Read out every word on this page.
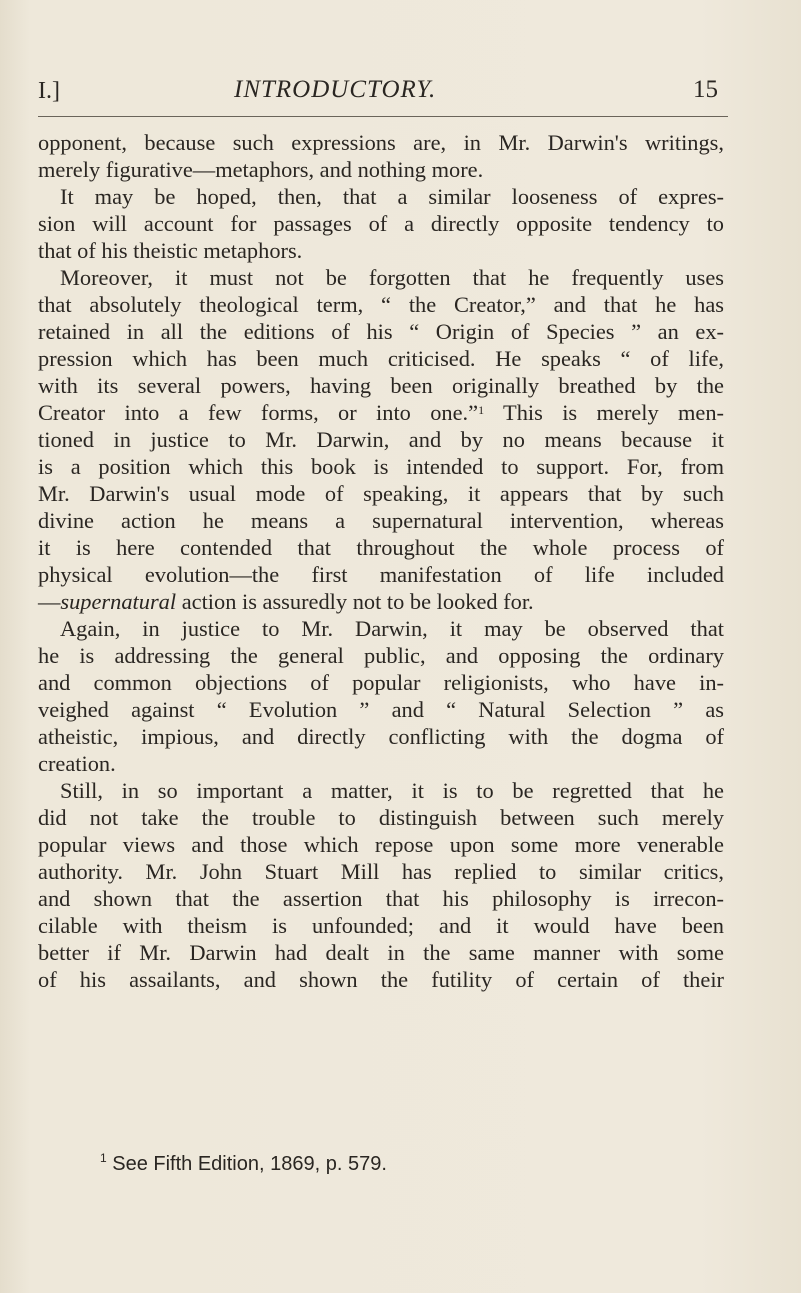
I.]	INTRODUCTORY.	15
opponent, because such expressions are, in Mr. Darwin's writings,
merely figurative—metaphors, and nothing more.
It may be hoped, then, that a similar looseness of expres-
sion will account for passages of a directly opposite tendency to
that of his theistic metaphors.
Moreover, it must not be forgotten that he frequently uses
that absolutely theological term, “ the Creator,” and that he has
retained in all the editions of his “ Origin of Species ” an ex-
pression which has been much criticised. He speaks “ of life,
with its several powers, having been originally breathed by the
Creator into a few forms, or into one.”$^1$ This is merely men-
tioned in justice to Mr. Darwin, and by no means because it
is a position which this book is intended to support. For, from
Mr. Darwin's usual mode of speaking, it appears that by such
divine action he means a supernatural intervention, whereas
it is here contended that throughout the whole process of
physical evolution—the first manifestation of life included
—supernatural action is assuredly not to be looked for.
Again, in justice to Mr. Darwin, it may be observed that
he is addressing the general public, and opposing the ordinary
and common objections of popular religionists, who have in-
veighed against “ Evolution ” and “ Natural Selection ” as
atheistic, impious, and directly conflicting with the dogma of
creation.
Still, in so important a matter, it is to be regretted that he
did not take the trouble to distinguish between such merely
popular views and those which repose upon some more venerable
authority. Mr. John Stuart Mill has replied to similar critics,
and shown that the assertion that his philosophy is irrecon-
cilable with theism is unfounded; and it would have been
better if Mr. Darwin had dealt in the same manner with some
of his assailants, and shown the futility of certain of their
$^1$ See Fifth Edition, 1869, p. 579.
